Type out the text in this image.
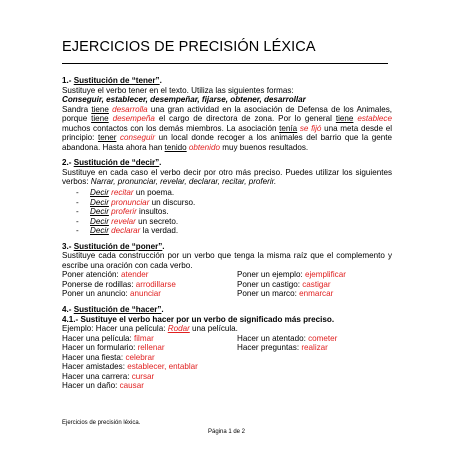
EJERCICIOS DE PRECISIÓN LÉXICA

1.- Sustitución de “tener”.

Sustituye el verbo tener en el texto. Utiliza las siguientes formas:

Conseguir, establecer, desempeñar, fijarse, obtener, desarrollar

Sandra tiene desarrolla una gran actividad en la asociación de Defensa de los Animales, porque tiene desempeña el cargo de directora de zona. Por lo general tiene establece muchos contactos con los demás miembros. La asociación tenía se fijó una meta desde el principio: tener conseguir un local donde recoger a los animales del barrio que la gente abandona. Hasta ahora han tenido obtenido muy buenos resultados.

2.- Sustitución de “decir”.

Sustituye en cada caso el verbo decir por otro más preciso. Puedes utilizar los siguientes verbos: Narrar, pronunciar, revelar, declarar, recitar, proferir.

- Decir recitar un poema.
- Decir pronunciar un discurso.
- Decir proferir insultos.
- Decir revelar un secreto.
- Decir declarar la verdad.

3.- Sustitución de “poner”.

Sustituye cada construcción por un verbo que tenga la misma raíz que el complemento y escribe una oración con cada verbo.

Poner atención: atender

Ponerse de rodillas: arrodillarse

Poner un anuncio: anunciar

Poner un ejemplo: ejemplificar

Poner un castigo: castigar

Poner un marco: enmarcar

4.- Sustitución de “hacer”.

4.1.- Sustituye el verbo hacer por un verbo de significado más preciso.

Ejemplo: Hacer una película: Rodar una película.

Hacer una película: filmar

Hacer un formulario: rellenar

Hacer una fiesta: celebrar

Hacer amistades: establecer, entablar

Hacer una carrera: cursar

Hacer un daño: causar

Hacer un atentado: cometer

Hacer preguntas: realizar

Ejercicios de precisión léxica.
Página 1 de 2
